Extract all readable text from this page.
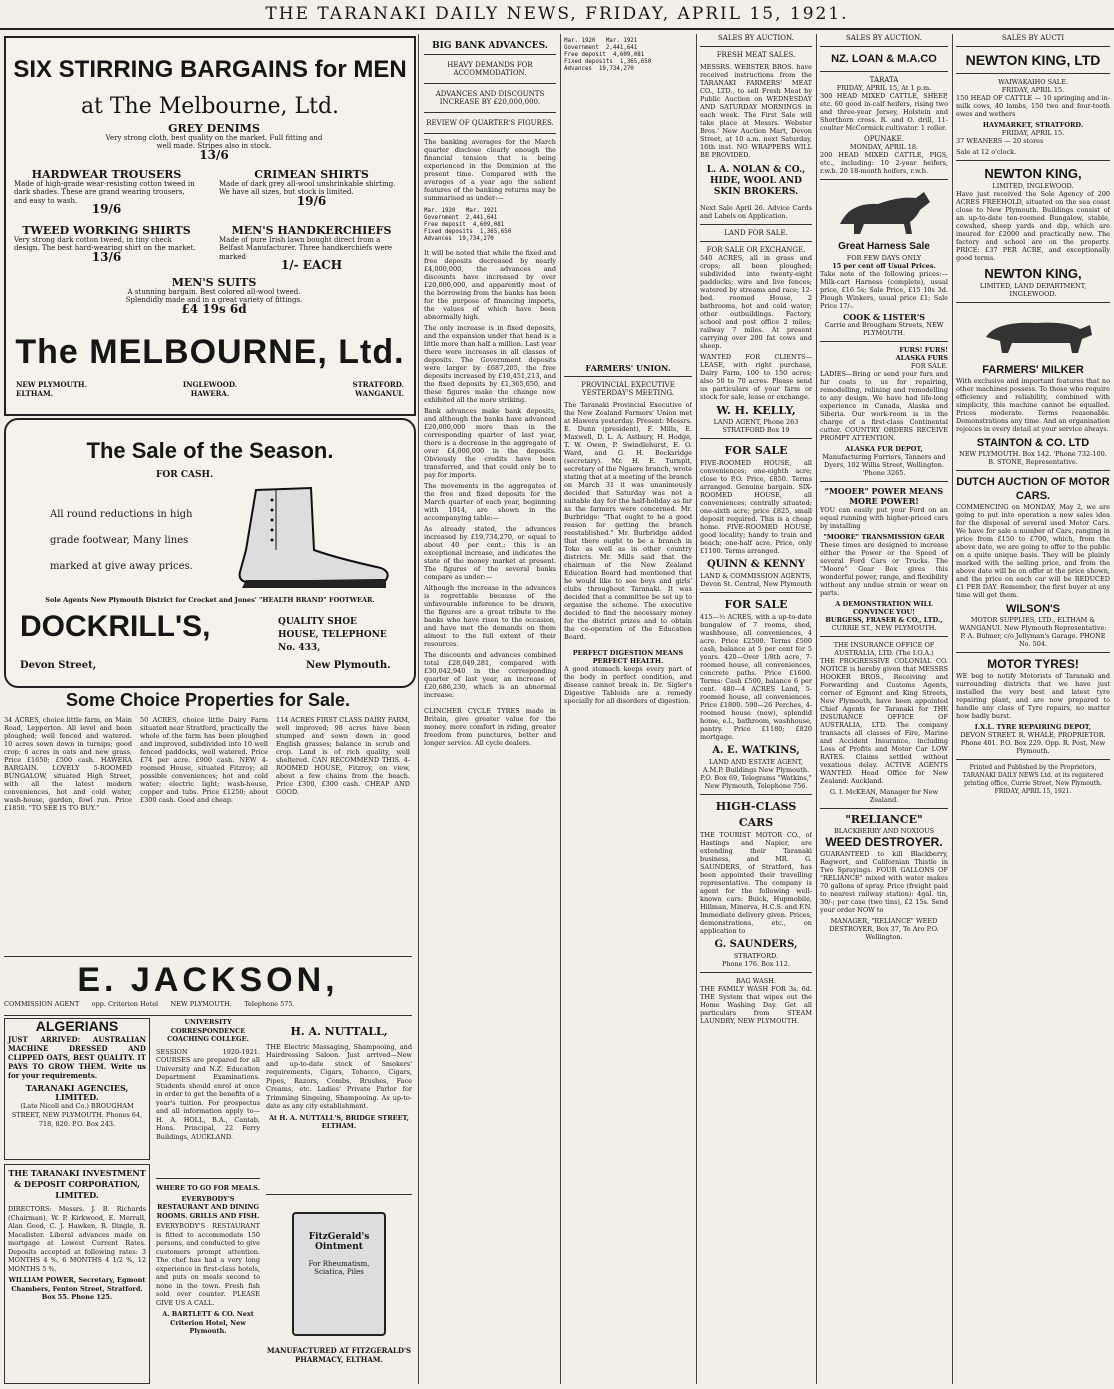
THE TARANAKI DAILY NEWS, FRIDAY, APRIL 15, 1921.
SIX STIRRING BARGAINS for MEN
at The Melbourne, Ltd.
GREY DENIMS
Very strong cloth, best quality on the market. Full fitting and well made. Stripes also in stock.
13/6
HARDWEAR TROUSERS
Made of high-grade wear-resisting cotton tweed in dark shades. These are grand wearing trousers, and easy to wash.
19/6
CRIMEAN SHIRTS
Made of dark grey all-wool unshrinkable shirting. We have all sizes, but stock is limited.
19/6
TWEED WORKING SHIRTS
Very strong dark cotton tweed, in tiny check design. The best hard-wearing shirt on the market.
13/6
MEN'S HANDKERCHIEFS
Made of pure Irish lawn bought direct from a Belfast Manufacturer. Three handkerchiefs were marked
1/- EACH
MEN'S SUITS
A stunning bargain. Best colored all-wool tweed. Splendidly made and in a great variety of fittings.
£4 19s 6d
The MELBOURNE, Ltd.
NEW PLYMOUTH. ELTHAM.
INGLEWOOD. HAWERA.
STRATFORD. WANGANUI.
The Sale of the Season.
FOR CASH.
All round reductions in high grade footwear, Many lines marked at give away prices.
Sole Agents New Plymouth District for Crocket and Jones' "HEALTH BRAND" FOOTWEAR.
DOCKRILL'S,	QUALITY SHOE HOUSE, TELEPHONE No. 433,
Devon Street,	New Plymouth.
Some Choice Properties for Sale.

34 ACRES, choice little farm, on Main Road, Lepperton. All level and been ploughed; well fenced and watered. 10 acres sown down in turnips; good crop; 6 acres in oats and new grass. Price £1650; £500 cash. HAWERA BARGAIN. LOVELY 5-ROOMED BUNGALOW, situated High Street, with all the latest modern conveniences, hot and cold water, wash-house, garden, fowl run. Price £1850. "TO SEE IS TO BUY."

50 ACRES, choice little Dairy Farm situated near Stratford, practically the whole of the farm has been ploughed and improved, subdivided into 10 well fenced paddocks, well watered. Price £74 per acre. £900 cash. NEW 4-roomed House, situated Fitzroy; all possible conveniences; hot and cold water; electric light; wash-house, copper and tubs. Price £1250; about £300 cash. Good and cheap.

114 ACRES FIRST CLASS DAIRY FARM, well improved; 98 acres have been stumped and sown down in good English grasses; balance in scrub and crop. Land is of rich quality, well sheltered. CAN RECOMMEND THIS. 4-ROOMED HOUSE, Fitzroy, on view, about a few chains from the beach. Price £300, £300 cash. CHEAP AND GOOD.

E. JACKSON,
COMMISSION AGENT      opp. Criterion Hotel      NEW PLYMOUTH.      Telephone 575.
ALGERIANS

JUST ARRIVED: AUSTRALIAN MACHINE DRESSED AND CLIPPED OATS, BEST QUALITY. IT PAYS TO GROW THEM. Write us for your requirements.

TARANAKI AGENCIES, LIMITED.
(Late Nicoll and Co.) BROUGHAM STREET, NEW PLYMOUTH. Phones 64, 718, 820. P.O. Box 243.
THE TARANAKI INVESTMENT & DEPOSIT CORPORATION, LIMITED.

DIRECTORS: Messrs. J. B. Richards (Chairman), W. P. Kirkwood, E. Merrall, Alan Good, C. J. Hawken, R. Dingle, R. Macalister. Liberal advances made on mortgage at Lowest Current Rates. Deposits accepted at following rates: 3 MONTHS 4 %, 6 MONTHS 4 1/2 %, 12 MONTHS 5 %.

WILLIAM POWER, Secretary, Egmont Chambers, Fenton Street, Stratford. Box 55. Phone 125.
UNIVERSITY CORRESPONDENCE COACHING COLLEGE.

SESSION 1920-1921. COURSES are prepared for all University and N.Z. Education Department Examinations. Students should enrol at once in order to get the benefits of a year's tuition. For prospectus and all information apply to— H. A. HOLL, B.A., Cantab, Hons. Principal, 22 Ferry Buildings, AUCKLAND.

WHERE TO GO FOR MEALS.
EVERYBODY'S RESTAURANT AND DINING ROOMS. GRILLS AND FISH.

EVERYBODY'S RESTAURANT is fitted to accommodate 150 persons, and conducted to give customers prompt attention. The chef has had a very long experience in first-class hotels, and puts on meals second to none in the town. Fresh fish sold over counter. PLEASE GIVE US A CALL.

A. BARTLETT & CO. Next Criterion Hotel, New Plymouth.
H. A. NUTTALL,

THE Electric Massaging, Shampooing, and Hairdressing Saloon. Just arrived—New and up-to-date stock of Smokers' requirements, Cigars, Tobacco, Cigars, Pipes, Razors, Combs, Brushes, Face Creams, etc. Ladies' Private Parlor for Trimming Singeing, Shampooing. As up-to-date as any city establishment.

At H. A. NUTTALL'S, BRIDGE STREET, ELTHAM.
FitzGerald's Ointment
For Rheumatism, Sciatica, Piles
MANUFACTURED AT FITZGERALD'S PHARMACY, ELTHAM.
BIG BANK ADVANCES.
HEAVY DEMANDS FOR ACCOMMODATION.
ADVANCES AND DISCOUNTS INCREASE BY £20,000,000.
REVIEW OF QUARTER'S FIGURES.

The banking averages for the March quarter disclose clearly enough the financial tension that is being experienced in the Dominion at the present time. Compared with the averages of a year ago the salient features of the banking returns may be summarised as under:—

Mar. 1920   Mar. 1921
Government  2,441,641
Free deposit  4,609,081
Fixed deposits  1,365,650
Advances  19,734,270

It will be noted that while the fixed and free deposits decreased by nearly £4,000,000, the advances and discounts have increased by over £20,000,000, and apparently most of the borrowing from the banks has been for the purpose of financing imports, the values of which have been abnormally high.

The only increase is in fixed deposits, and the expansion under that head is a little more than half a million. Last year there were increases in all classes of deposits. The Government deposits were larger by £687,205, the free deposits increased by £10,451,213, and the fixed deposits by £1,365,650, and these figures make the change now exhibited all the more striking.

Bank advances make bank deposits, and although the banks have advanced £20,000,000 more than in the corresponding quarter of last year, there is a decrease in the aggregate of over £4,000,000 in the deposits. Obviously the credits have been transferred, and that could only be to pay for imports.

The movements in the aggregates of the free and fixed deposits for the March quarter of each year, beginning with 1914, are shown in the accompanying table:—

As already stated, the advances increased by £19,734,270, or equal to about 40 per cent.; this is an exceptional increase, and indicates the state of the money market at present. The figures of the several banks compare as under:—

Although the increase in the advances is regrettable because of the unfavourable inference to be drawn, the figures are a great tribute to the banks who have risen to the occasion, and have met the demands on them almost to the full extent of their resources.

The discounts and advances combined total £28,049,281, compared with £30,042,940 in the corresponding quarter of last year, an increase of £20,686,230, which is an abnormal increase.

CLINCHER CYCLE TYRES made in Britain, give greater value for the money, more comfort in riding, greater freedom from punctures, better and longer service. All cycle dealers.

FARMERS' UNION.
PROVINCIAL EXECUTIVE
YESTERDAY'S MEETING.

The Taranaki Provincial Executive of the New Zealand Farmers' Union met at Hawera yesterday. Present: Messrs. E. Dunn (president), F. Mills, E. Maxwell, D. L. A. Astbury, H. Hodge, T. W. Owen, P. Swindlehurst, E. O. Ward, and G. H. Bocksridge (secretary). Mr. H. E. Turnpit, secretary of the Ngaere branch, wrote stating that at a meeting of the branch on March 31 it was unanimously decided that Saturday was not a suitable day for the half-holiday as far as the farmers were concerned. Mr. Burbridge: "That ought to be a good reason for getting the branch reestablished." Mr. Burbridge added that there ought to be a branch in Toko as well as in other country districts. Mr. Mills said that the chairman of the New Zealand Education Board had mentioned that he would like to see boys and girls' clubs throughout Taranaki. It was decided that a committee be set up to organise the scheme. The executive decided to find the necessary money for the district prizes and to obtain the co-operation of the Education Board.

PERFECT DIGESTION MEANS PERFECT HEALTH.

A good stomach keeps every part of the body in perfect condition, and disease cannot break in. Dr. Sigler's Digestive Tabloids are a remedy specially for all disorders of digestion.

Mar. 1920   Mar. 1921
Government  2,441,641
Free deposit  4,609,081
Fixed deposits  1,365,650
Advances  19,734,270
SALES BY AUCTION.
FRESH MEAT SALES.

MESSRS. WEBSTER BROS. have received instructions from the TARANAKI FARMERS' MEAT CO., LTD., to sell Fresh Meat by Public Auction on WEDNESDAY AND SATURDAY MORNINGS in each week. The First Sale will take place at Messrs. Webster Bros.' New Auction Mart, Devon Street, at 10 a.m. next Saturday, 16th inst. NO WRAPPERS WILL BE PROVIDED.

L. A. NOLAN & CO., HIDE, WOOL AND SKIN BROKERS.

Next Sale April 26. Advice Cards and Labels on Application.

LAND FOR SALE.
FOR SALE OR EXCHANGE.

540 ACRES, all in grass and crops; all been ploughed; subdivided into twenty-eight paddocks; wire and live fences; watered by streams and race; 12-bed. roomed House, 2 bathrooms, hot and cold water; other outbuildings. Factory, school and post office 2 miles; railway 7 miles. At present carrying over 200 fat cows and sheep.

WANTED FOR CLIENTS— LEASE, with right purchase, Dairy Farm, 100 to 150 acres; also 50 to 70 acres. Please send us particulars of your farm or stock for sale, lease or exchange.

W. H. KELLY,
LAND AGENT, Phone 263 STRATFORD Box 19
FOR SALE

FIVE-ROOMED HOUSE, all conveniences; one-eighth acre; close to P.O. Price, £850. Terms arranged. Genuine bargain. SIX-ROOMED HOUSE, all conveniences; centrally situated; one-sixth acre; price £825, small deposit required. This is a cheap home. FIVE-ROOMED HOUSE, good locality; handy to train and beach; one-half acre. Price, only £1100. Terms arranged.

QUINN & KENNY
LAND & COMMISSION AGENTS, Devon St. Central, New Plymouth
FOR SALE

415—½ ACRES, with a up-to-date bungalow of 7 rooms, shed, washhouse, all conveniences, 4 acre. Price £2500. Terms £500 cash, balance at 5 per cent for 5 years. 420—Over 1/8th acre, 7-roomed house, all conveniences, concrete paths. Price £1600. Terms: Cash £500, balance 6 per cent. 480—4 ACRES Land, 5-roomed house, all conveniences. Price £1800. 590—26 Perches, 4-roomed house (new), splendid home, e.l., bathroom, washhouse, pantry. Price £1180; £820 mortgage.

A. E. WATKINS,
LAND AND ESTATE AGENT, A.M.P. Buildings New Plymouth. P.O. Box 69, Telegrams "Watkins," New Plymouth, Telephone 756.
HIGH-CLASS CARS

THE TOURIST MOTOR CO., of Hastings and Napier, are extending their Taranaki business, and MR. G. SAUNDERS, of Stratford, has been appointed their travelling representative. The company is agent for the following well-known cars: Buick, Hupmobile, Hillman, Minerva, H.C.S. and F.N. Immediate delivery given. Prices, demonstrations, etc., on application to

G. SAUNDERS,
STRATFORD.
Phone 176. Box 112.
BAG WASH.

THE FAMILY WASH FOR 3s. 6d. THE System that wipes out the Home Washing Day. Get all particulars from STEAM LAUNDRY, NEW PLYMOUTH.

SALES BY AUCTION.
NZ. LOAN & M.A.CO
TARATA
FRIDAY, APRIL 15, At 1 p.m.

300 HEAD MIXED CATTLE, SHEEP, etc. 60 good in-calf heifers, rising two and three-year Jersey, Holstein and Shorthorn cross. R. and O. drill, 11-coulter McCormick cultivator. 1 roller.

OPUNAKE.
MONDAY, APRIL 18.

200 HEAD MIXED CATTLE, PIGS, etc., including: 10 2-year heifers, r.w.b. 20 18-month heifers, r.w.b.

Great Harness Sale
FOR FEW DAYS ONLY
15 per cent off Usual Prices.

Take note of the following prices:— Milk-cart Harness (complete), usual price, £16 5s; Sale Price, £15 10s 3d. Plough Winkers, usual price £1; Sale Price 17/-.

COOK & LISTER'S
Carrie and Brougham Streets, NEW PLYMOUTH.
FURS! FURS!
ALASKA FURS
FOR SALE.

LADIES—Bring or send your furs and fur coats to us for repairing, remodelling, relining and remodelling to any design. We have had life-long experience in Canada, Alaska and Siberia. Our work-room is in the charge of a first-class Continental cutter. COUNTRY ORDERS RECEIVE PROMPT ATTENTION.

ALASKA FUR DEPOT,
Manufacturing Furriers, Tanners and Dyers, 102 Willis Street, Wellington. 'Phone 3265.
"MOOER" POWER MEANS MORE POWER!

YOU can easily put your Ford on an equal running with higher-priced cars by installing

"MOORE" TRANSMISSION GEAR

These times are designed to increase either the Power or the Speed of several Ford Cars or Trucks. The "Moore" Gear Box gives this wonderful power, range, and flexibility without any undue strain or wear on parts.

A DEMONSTRATION WILL CONVINCE YOU!
BURGESS, FRASER & CO., LTD.,
CURRIE ST., NEW PLYMOUTH.
THE INSURANCE OFFICE OF AUSTRALIA, LTD. (The I.O.A.)

THE PROGRESSIVE COLONIAL CO. NOTICE is hereby given that MESSRS HOOKER BROS., Receiving and Forwarding and Customs Agents, corner of Egmont and King Streets, New Plymouth, have been appointed Chief Agents for Taranaki for THE INSURANCE OFFICE OF AUSTRALIA, LTD. The company transacts all classes of Fire, Marine and Accident Insurance, including Loss of Profits and Motor Car LOW RATES. Claims settled without vexatious delay. ACTIVE AGENTS WANTED. Head Office for New Zealand: Auckland.

G. I. McKEAN, Manager for New Zealand.
"RELIANCE"
BLACKBERRY AND NOXIOUS
WEED DESTROYER.

GUARANTEED to kill Blackberry, Ragwort, and Californian Thistle in Two Sprayings. FOUR GALLONS OF "RELIANCE" mixed with water makes 70 gallons of spray. Price (freight paid to nearest railway station): 4gal. tin, 30/-; per case (two tins), £2 15s. Send your order NOW to

MANAGER, "RELIANCE" WEED DESTROYER, Box 37, Te Aro P.O. Wellington.
SALES BY AUCTI
NEWTON KING, LTD
WAIWAKAIHO SALE.
FRIDAY, APRIL 15.

150 HEAD OF CATTLE — 10 springing and in-milk cows, 40 lambs, 150 two and four-tooth ewes and wethers

HAYMARKET, STRATFORD.
FRIDAY, APRIL 15.

37 WEANERS — 20 stores

Sale at 12 o'clock.

NEWTON KING,
LIMITED, INGLEWOOD.

Have just received the Sole Agency of 200 ACRES FREEHOLD, situated on the sea coast close to New Plymouth. Buildings consist of an up-to-date ten-roomed Bungalow, stable, cowshed, sheep yards and dip, which are insured for £2000 and practically new. The factory and school are on the property. PRICE: £37 PER ACRE, and exceptionally good terms.

NEWTON KING,
LIMITED, LAND DEPARTMENT, INGLEWOOD.
FARMERS' MILKER

With exclusive and important features that no other machines possess. To those who require efficiency and reliability, combined with simplicity, this machine cannot be equalled. Prices moderate. Terms reasonable. Demonstrations any time. And an organisation rejoices in every detail at your service always.

STAINTON & CO. LTD
NEW PLYMOUTH. Box 142. 'Phone 732-100.
B. STONE, Representative.
DUTCH AUCTION OF MOTOR CARS.

COMMENCING on MONDAY, May 2, we are going to put into operation a new sales idea for the disposal of several used Motor Cars. We have for sale a number of Cars, ranging in price from £150 to £700, which, from the above date, we are going to offer to the public on a quite unique basis. They will be plainly marked with the selling price, and from the above date will be on offer at the price shown, and the price on each car will be REDUCED £1 PER DAY. Remember, the first buyer at any time will get them.

WILSON'S
MOTOR SUPPLIES, LTD., ELTHAM & WANGANUI. New Plymouth Representative: P. A. Bulmer, c/o Jellyman's Garage. PHONE No. 504.
MOTOR TYRES!

WE beg to notify Motorists of Taranaki and surrounding districts that we have just installed the very best and latest tyre repairing plant, and are now prepared to handle any class of Tyre repairs, no matter how badly burst.

I.X.L. TYRE REPAIRING DEPOT,
DEVON STREET. R. WHALE, PROPRIETOR. Phone 401. P.O. Box 229. Opp. R. Post, New Plymouth.
Printed and Published by the Proprietors, TARANAKI DAILY NEWS Ltd. at its registered printing office, Currie Street, New Plymouth. FRIDAY, APRIL 15, 1921.
